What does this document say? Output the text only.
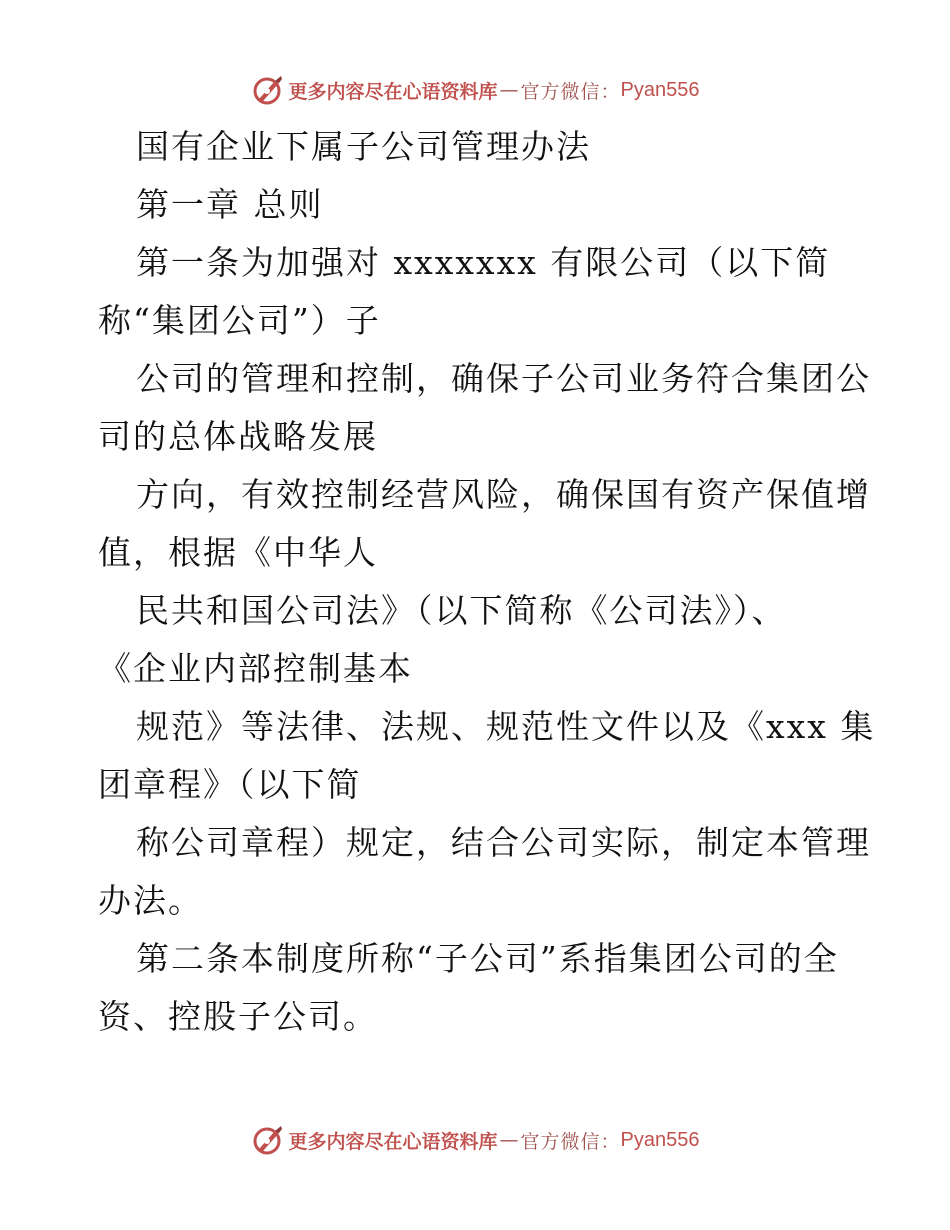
更多内容尽在心语资料库 — 官方微信： Pyan556
国有企业下属子公司管理办法
第一章 总则
第一条为加强对 xxxxxxx 有限公司（以下简
称“集团公司”）子
公司的管理和控制，确保子公司业务符合集团公
司的总体战略发展
方向，有效控制经营风险，确保国有资产保值增
值，根据《中华人
民共和国公司法》（以下简称《公司法》）、
《企业内部控制基本
规范》等法律、法规、规范性文件以及《xxx 集
团章程》（以下简
称公司章程）规定，结合公司实际，制定本管理
办法。
第二条本制度所称“子公司”系指集团公司的全
资、控股子公司。
更多内容尽在心语资料库 — 官方微信： Pyan556
